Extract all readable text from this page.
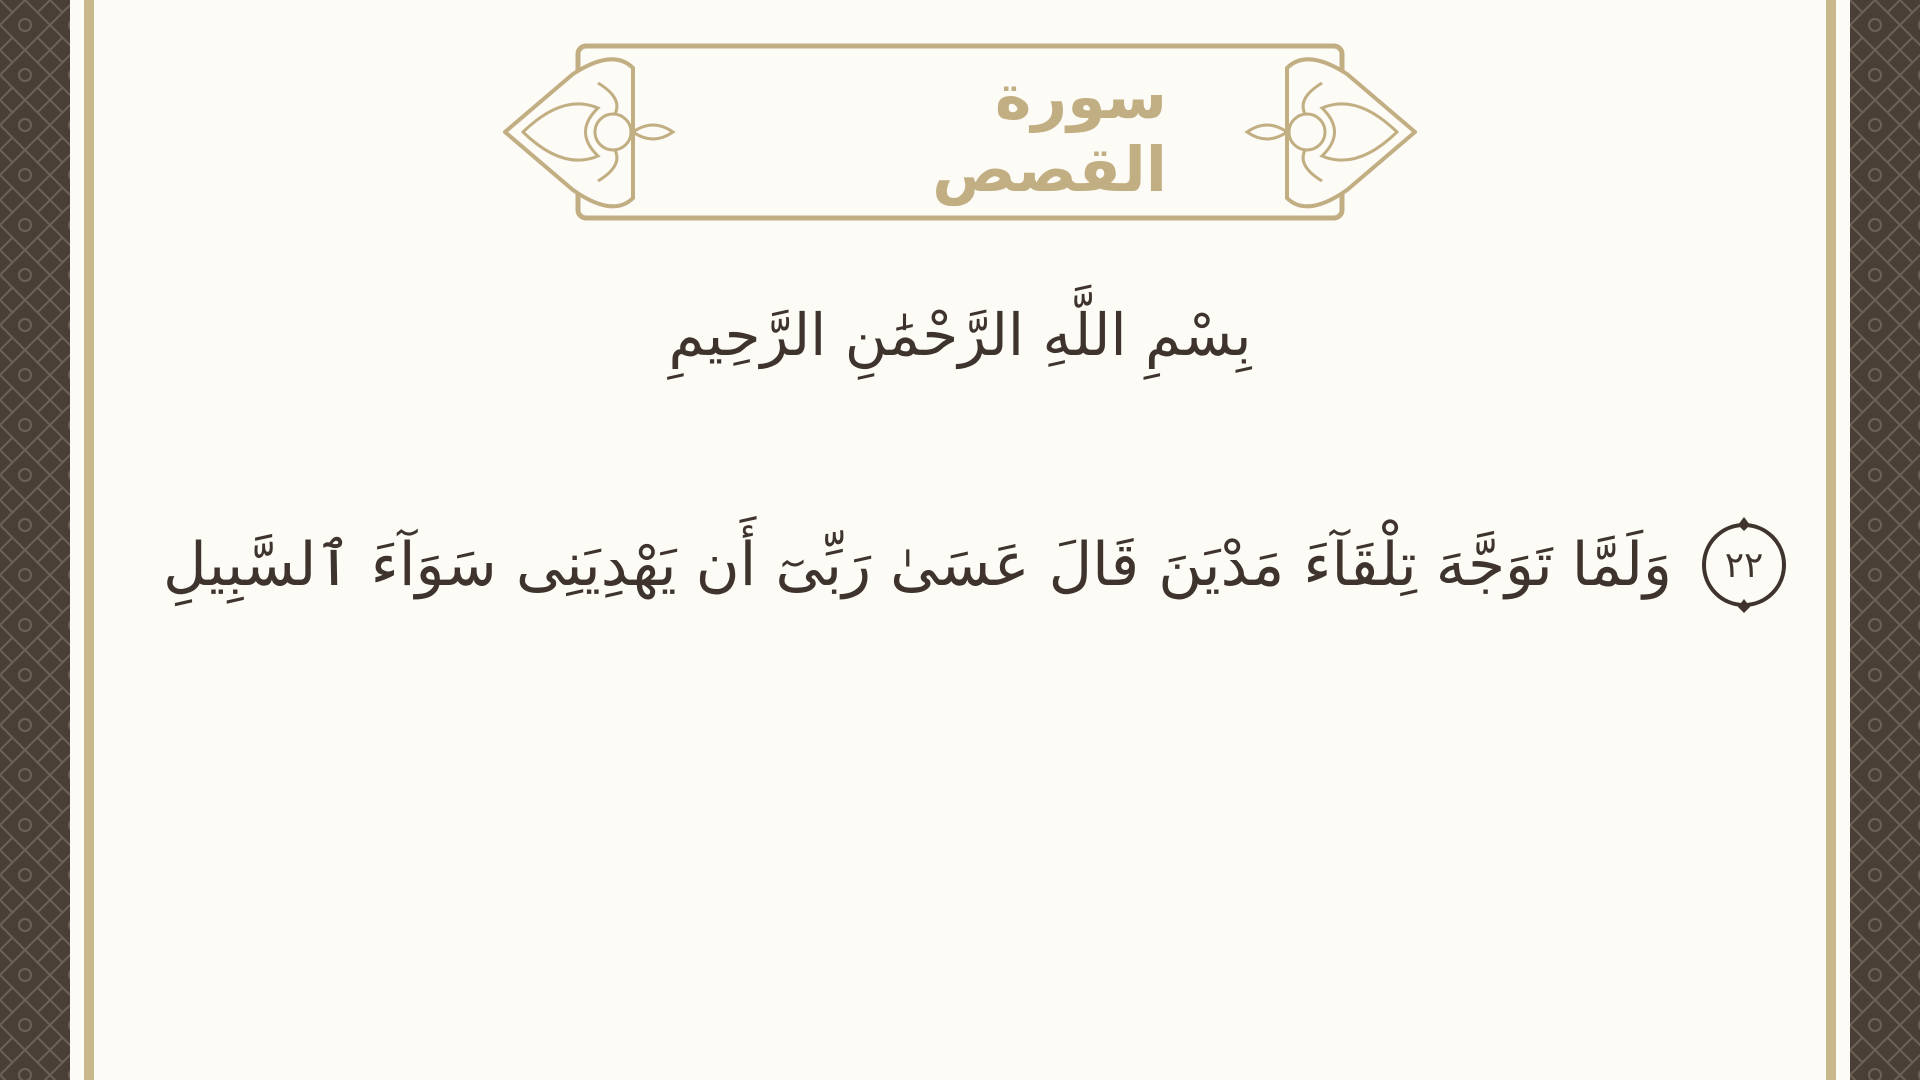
سورة القصص
بِسْمِ اللَّهِ الرَّحْمَٰنِ الرَّحِيمِ
وَلَمَّا تَوَجَّهَ تِلْقَآءَ مَدْيَنَ قَالَ عَسَىٰ رَبِّىٓ أَن يَهْدِيَنِى سَوَآءَ ٱلسَّبِيلِ	٢٢
